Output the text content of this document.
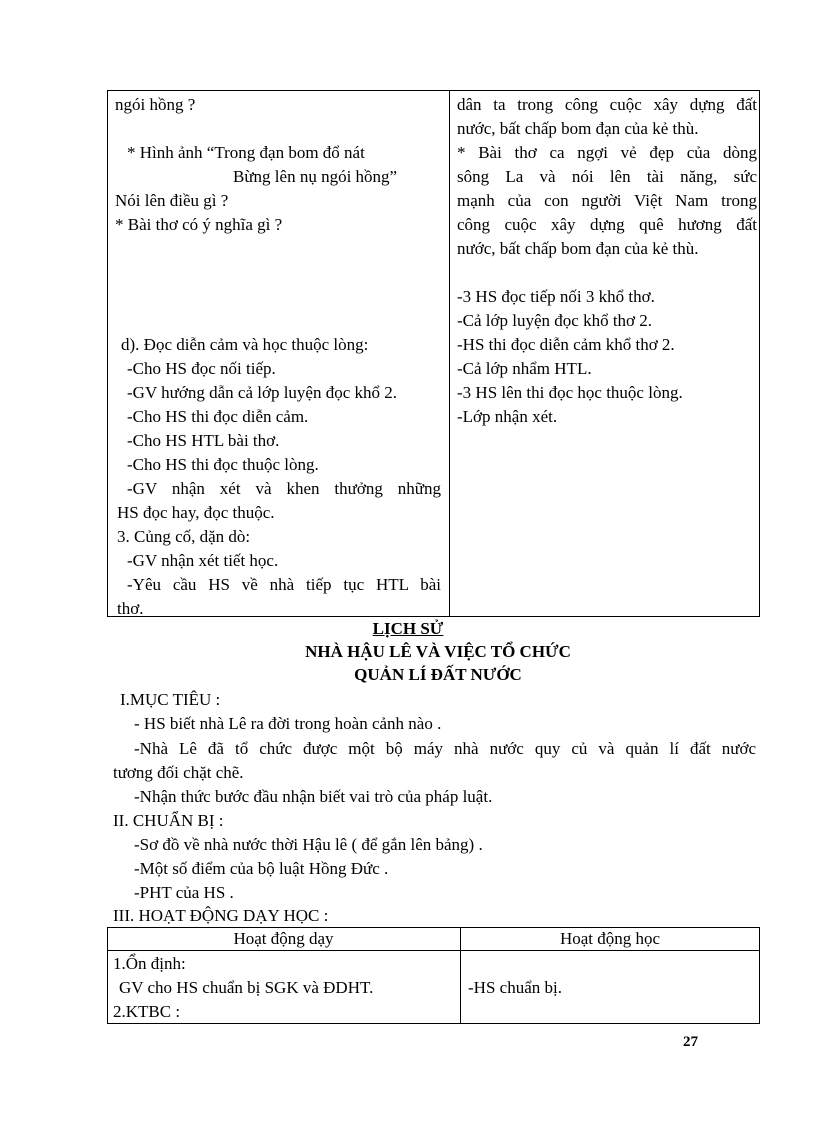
ngói hồng ?
* Hình ảnh “Trong đạn bom đổ nát
Bừng lên nụ ngói hồng”
Nói lên điều gì ?
* Bài thơ có ý nghĩa gì ?
d). Đọc diễn cảm và học thuộc lòng:
-Cho HS đọc nối tiếp.
-GV hướng dẫn cả lớp luyện đọc khổ 2.
-Cho HS thi đọc diễn cảm.
-Cho HS HTL bài thơ.
-Cho HS thi đọc thuộc lòng.
-GV nhận xét và khen thưởng những
HS đọc hay, đọc thuộc.
3. Củng cố, dặn dò:
-GV nhận xét tiết học.
-Yêu cầu HS về nhà tiếp tục HTL bài
thơ.
dân ta trong công cuộc xây dựng đất
nước, bất chấp bom đạn của kẻ thù.
* Bài thơ ca ngợi vẻ đẹp của dòng
sông La và nói lên tài năng, sức
mạnh của con người Việt Nam trong
công cuộc xây dựng quê hương đất
nước, bất chấp bom đạn của kẻ thù.
-3 HS đọc tiếp nối 3 khổ thơ.
-Cả lớp luyện đọc khổ thơ 2.
-HS thi đọc diễn cảm khổ thơ 2.
-Cả lớp nhẩm HTL.
-3 HS lên thi đọc học thuộc lòng.
-Lớp nhận xét.
LỊCH SỬ
NHÀ HẬU LÊ VÀ VIỆC TỔ CHỨC
QUẢN LÍ ĐẤT NƯỚC
I.MỤC TIÊU :
- HS biết nhà Lê ra đời trong hoàn cảnh nào .
-Nhà Lê đã tổ chức được một bộ máy nhà nước quy củ và quản lí đất nước
tương đối chặt chẽ.
-Nhận thức bước đầu nhận biết vai trò của pháp luật.
II. CHUẨN BỊ :
-Sơ đồ về nhà nước thời Hậu lê ( để gắn lên bảng) .
-Một số điểm của bộ luật Hồng Đức .
-PHT của HS .
III. HOẠT ĐỘNG DẠY HỌC :
Hoạt động dạy	Hoạt động học
1.Ổn định:
GV cho HS chuẩn bị SGK và ĐDHT.
2.KTBC :
-HS chuẩn bị.
27
